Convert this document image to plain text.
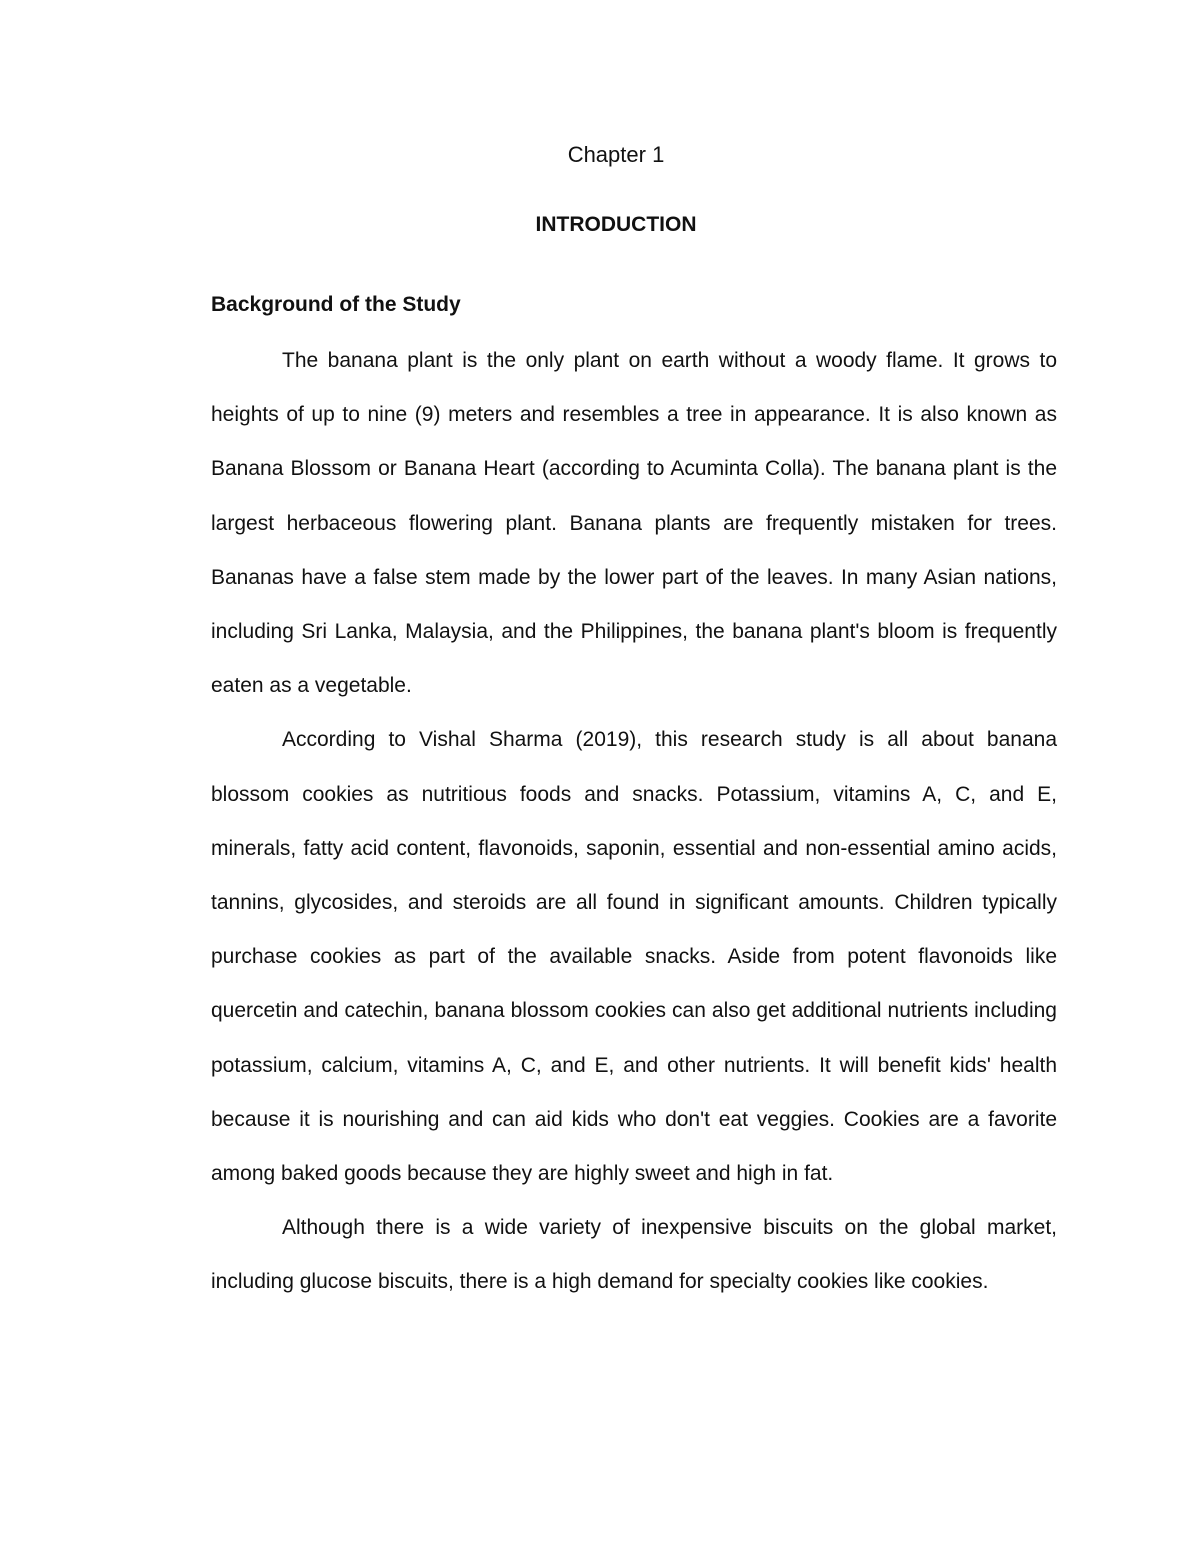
Chapter 1
INTRODUCTION
Background of the Study

The banana plant is the only plant on earth without a woody flame. It grows to heights of up to nine (9) meters and resembles a tree in appearance. It is also known as Banana Blossom or Banana Heart (according to Acuminta Colla). The banana plant is the largest herbaceous flowering plant. Banana plants are frequently mistaken for trees. Bananas have a false stem made by the lower part of the leaves. In many Asian nations, including Sri Lanka, Malaysia, and the Philippines, the banana plant's bloom is frequently eaten as a vegetable.

According to Vishal Sharma (2019), this research study is all about banana blossom cookies as nutritious foods and snacks. Potassium, vitamins A, C, and E, minerals, fatty acid content, flavonoids, saponin, essential and non-essential amino acids, tannins, glycosides, and steroids are all found in significant amounts. Children typically purchase cookies as part of the available snacks. Aside from potent flavonoids like quercetin and catechin, banana blossom cookies can also get additional nutrients including potassium, calcium, vitamins A, C, and E, and other nutrients. It will benefit kids' health because it is nourishing and can aid kids who don't eat veggies. Cookies are a favorite among baked goods because they are highly sweet and high in fat.

Although there is a wide variety of inexpensive biscuits on the global market, including glucose biscuits, there is a high demand for specialty cookies like cookies.
